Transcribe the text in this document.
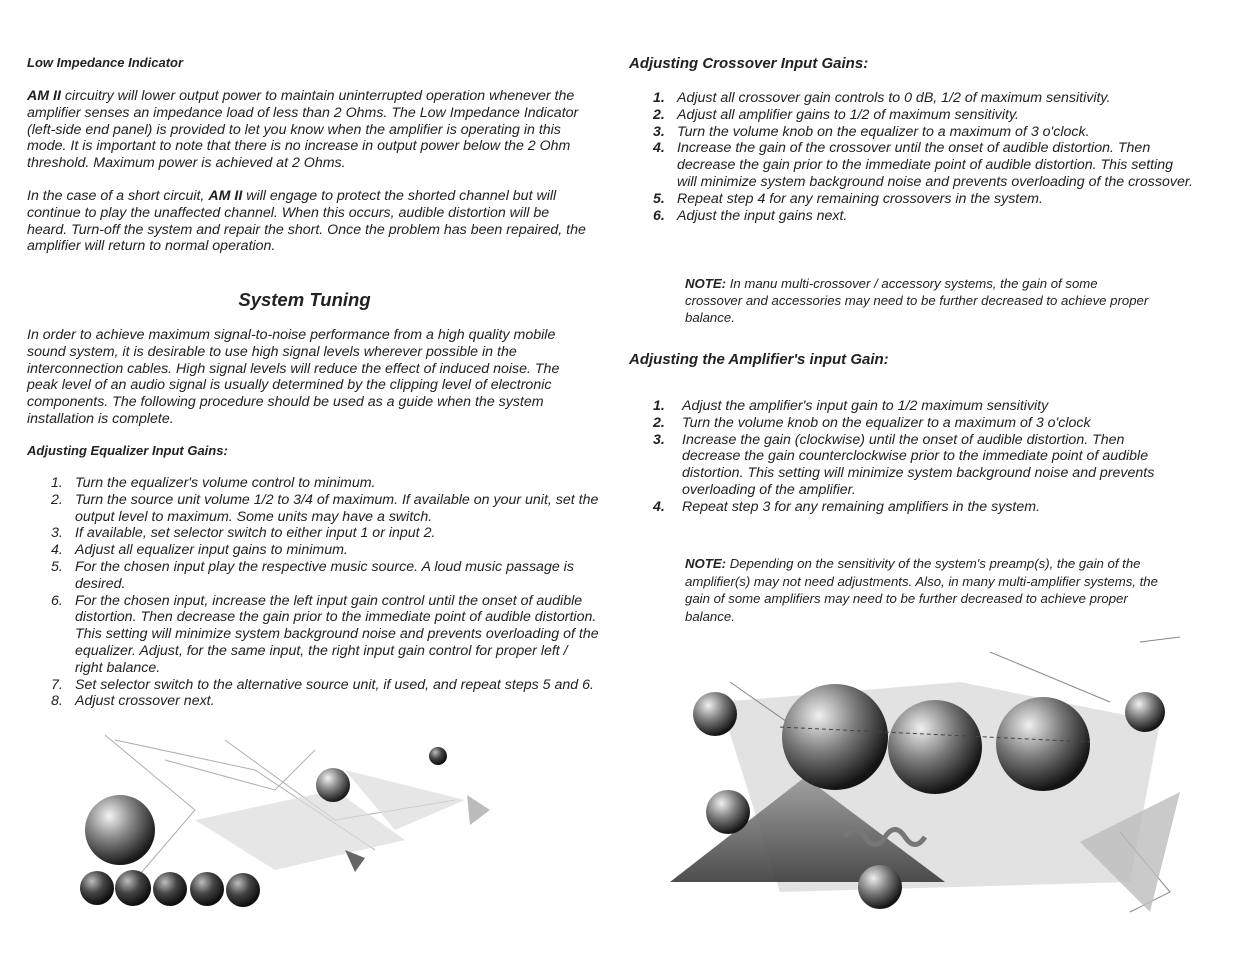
Low Impedance Indicator

AM II circuitry will lower output power to maintain uninterrupted operation whenever the amplifier senses an impedance load of less than 2 Ohms. The Low Impedance Indicator (left-side end panel) is provided to let you know when the amplifier is operating in this mode. It is important to note that there is no increase in output power below the 2 Ohm threshold. Maximum power is achieved at 2 Ohms.

In the case of a short circuit, AM II will engage to protect the shorted channel but will continue to play the unaffected channel. When this occurs, audible distortion will be heard. Turn-off the system and repair the short. Once the problem has been repaired, the amplifier will return to normal operation.

System Tuning

In order to achieve maximum signal-to-noise performance from a high quality mobile sound system, it is desirable to use high signal levels wherever possible in the interconnection cables. High signal levels will reduce the effect of induced noise. The peak level of an audio signal is usually determined by the clipping level of electronic components. The following procedure should be used as a guide when the system installation is complete.

Adjusting Equalizer Input Gains:
1. Turn the equalizer's volume control to minimum.
2. Turn the source unit volume 1/2 to 3/4 of maximum. If available on your unit, set the output level to maximum. Some units may have a switch.
3. If available, set selector switch to either input 1 or input 2.
4. Adjust all equalizer input gains to minimum.
5. For the chosen input play the respective music source. A loud music passage is desired.
6. For the chosen input, increase the left input gain control until the onset of audible distortion. Then decrease the gain prior to the immediate point of audible distortion. This setting will minimize system background noise and prevents overloading of the equalizer. Adjust, for the same input, the right input gain control for proper left / right balance.
7. Set selector switch to the alternative source unit, if used, and repeat steps 5 and 6.
8. Adjust crossover next.
Adjusting Crossover Input Gains:
1. Adjust all crossover gain controls to 0 dB, 1/2 of maximum sensitivity.
2. Adjust all amplifier gains to 1/2 of maximum sensitivity.
3. Turn the volume knob on the equalizer to a maximum of 3 o'clock.
4. Increase the gain of the crossover until the onset of audible distortion. Then decrease the gain prior to the immediate point of audible distortion. This setting will minimize system background noise and prevents overloading of the crossover.
5. Repeat step 4 for any remaining crossovers in the system.
6. Adjust the input gains next.
NOTE: In manu multi-crossover / accessory systems, the gain of some crossover and accessories may need to be further decreased to achieve proper balance.
Adjusting the Amplifier's input Gain:
1. Adjust the amplifier's input gain to 1/2 maximum sensitivity
2. Turn the volume knob on the equalizer to a maximum of 3 o'clock
3. Increase the gain (clockwise) until the onset of audible distortion. Then decrease the gain counterclockwise prior to the immediate point of audible distortion. This setting will minimize system background noise and prevents overloading of the amplifier.
4. Repeat step 3 for any remaining amplifiers in the system.
NOTE: Depending on the sensitivity of the system's preamp(s), the gain of the amplifier(s) may not need adjustments. Also, in many multi-amplifier systems, the gain of some amplifiers may need to be further decreased to achieve proper balance.
